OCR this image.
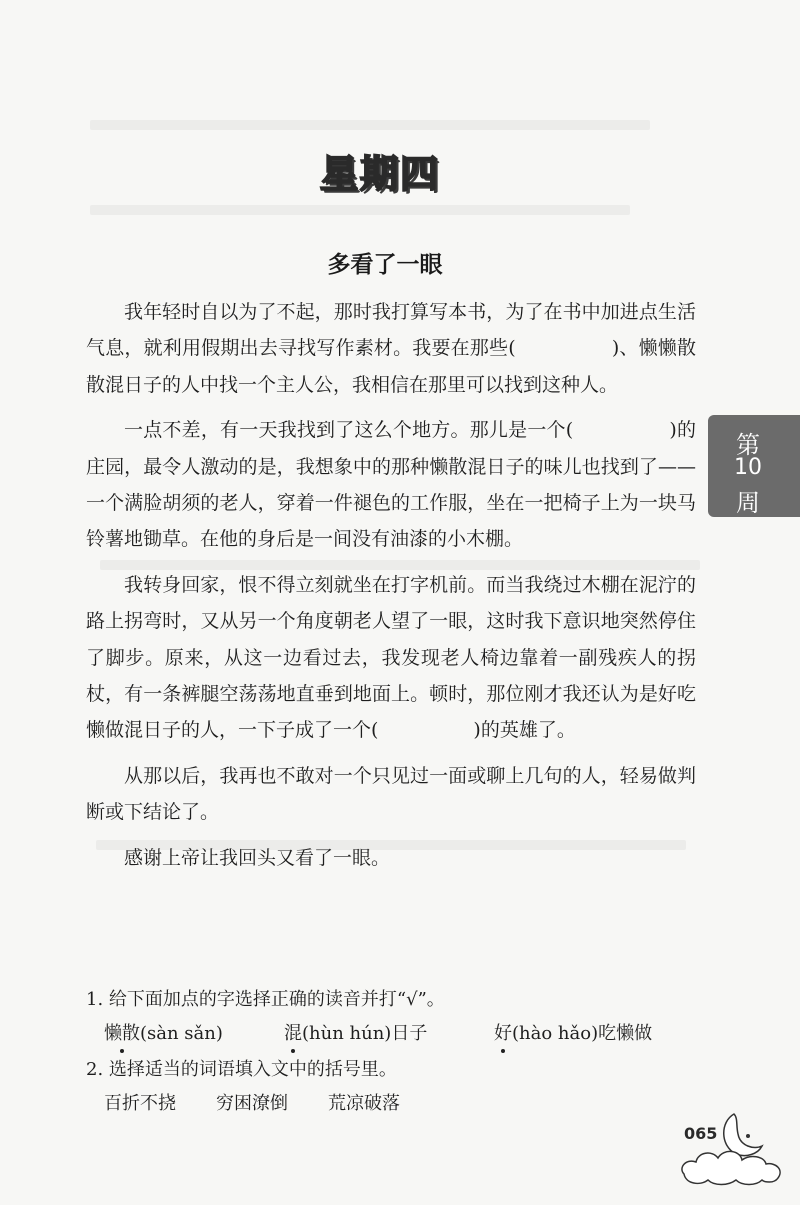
星期四
多看了一眼

我年轻时自以为了不起，那时我打算写本书，为了在书中加进点生活气息，就利用假期出去寻找写作素材。我要在那些(　　　　　)、懒懒散散混日子的人中找一个主人公，我相信在那里可以找到这种人。

一点不差，有一天我找到了这么个地方。那儿是一个(　　　　　)的庄园，最令人激动的是，我想象中的那种懒散混日子的味儿也找到了——一个满脸胡须的老人，穿着一件褪色的工作服，坐在一把椅子上为一块马铃薯地锄草。在他的身后是一间没有油漆的小木棚。

我转身回家，恨不得立刻就坐在打字机前。而当我绕过木棚在泥泞的路上拐弯时，又从另一个角度朝老人望了一眼，这时我下意识地突然停住了脚步。原来，从这一边看过去，我发现老人椅边靠着一副残疾人的拐杖，有一条裤腿空荡荡地直垂到地面上。顿时，那位刚才我还认为是好吃懒做混日子的人，一下子成了一个(　　　　　)的英雄了。

从那以后，我再也不敢对一个只见过一面或聊上几句的人，轻易做判断或下结论了。

感谢上帝让我回头又看了一眼。

1. 给下面加点的字选择正确的读音并打“√”。

懒散(sàn sǎn)	混(hùn hún)日子	好(hào hǎo)吃懒做

2. 选择适当的词语填入文中的括号里。

百折不挠 穷困潦倒 荒凉破落
第
10
周
065
